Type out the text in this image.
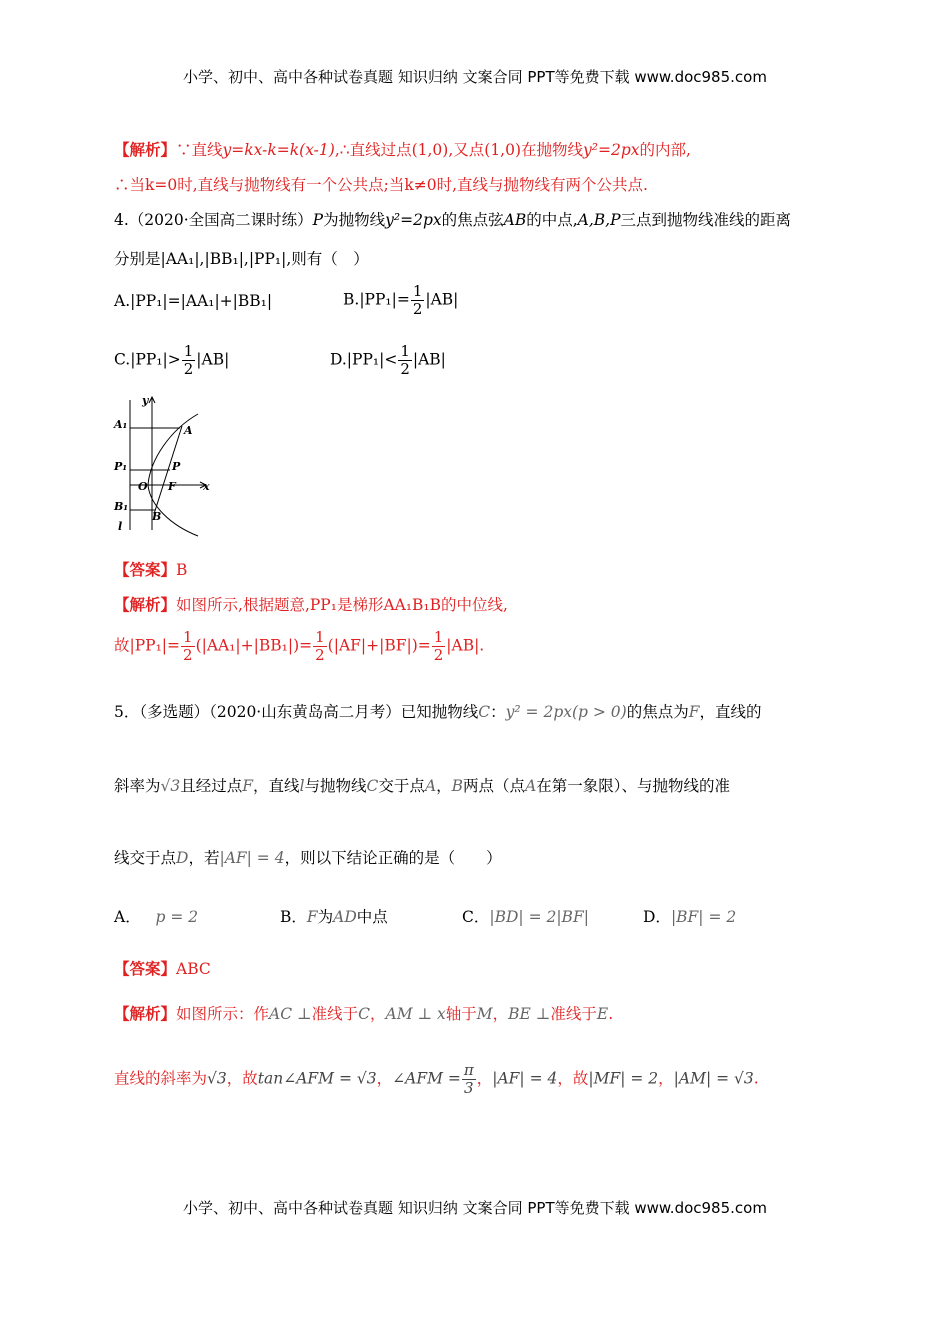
小学、初中、高中各种试卷真题 知识归纳 文案合同 PPT等免费下载 www.doc985.com
【解析】∵直线y=kx-k=k(x-1),∴直线过点(1,0),又点(1,0)在抛物线y²=2px的内部,
∴当k=0时,直线与抛物线有一个公共点;当k≠0时,直线与抛物线有两个公共点.
4.（2020·全国高二课时练）P为抛物线y²=2px的焦点弦AB的中点,A,B,P三点到抛物线准线的距离
分别是|AA₁|,|BB₁|,|PP₁|,则有（　）
A.|PP₁|=|AA₁|+|BB₁|	$B.|PP_1|= \frac{1}{2} |AB|$
$C.|PP_1|> \frac{1}{2} |AB|$	$D.|PP_1|< \frac{1}{2} |AB|$
A₁	A
P₁	P
O F x
y
B₁
B
l
【答案】B
【解析】如图所示,根据题意,PP₁是梯形AA₁B₁B的中位线,
故$|PP_1|= \frac{1}{2} (|AA_1|+|BB_1|)= \frac{1}{2} (|AF|+|BF|)= \frac{1}{2} |AB|$.
5．（多选题）（2020·山东黄岛高二月考）已知抛物线C：y² = 2px(p > 0)的焦点为F，直线的
斜率为√3且经过点F，直线l与抛物线C交于点A，B两点（点A在第一象限）、与抛物线的准
线交于点D，若|AF| = 4，则以下结论正确的是（　　）
A． p = 2	B．F为AD中点	C．|BD| = 2|BF|	D．|BF| = 2
【答案】ABC
【解析】如图所示：作AC ⊥准线于C，AM ⊥ x轴于M，BE ⊥准线于E.
直线的斜率为√3，故tan∠AFM = √3，∠AFM = $\frac{\pi}{3}$ ，|AF| = 4，故|MF| = 2，|AM| = √3.
小学、初中、高中各种试卷真题 知识归纳 文案合同 PPT等免费下载 www.doc985.com
